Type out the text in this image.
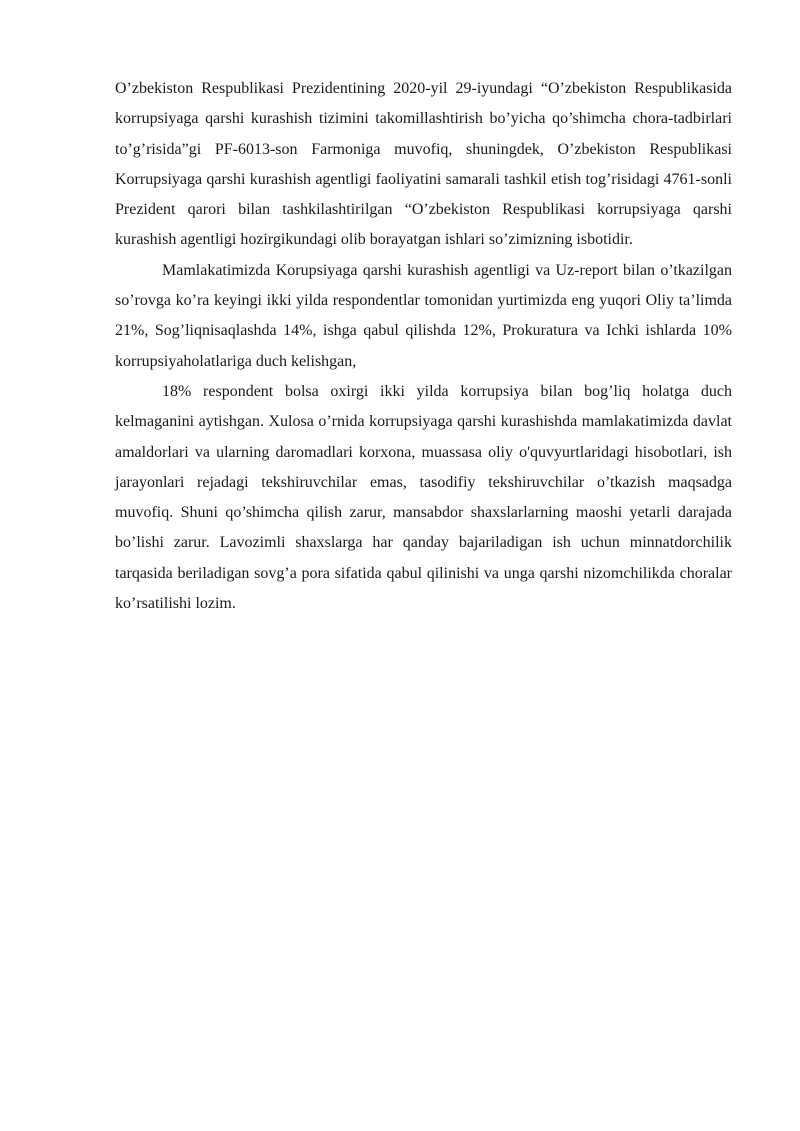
O’zbekiston Respublikasi Prezidentining 2020-yil 29-iyundagi “O’zbekiston Respublikasida korrupsiyaga qarshi kurashish tizimini takomillashtirish bo’yicha qo’shimcha chora-tadbirlari to’g’risida”gi PF-6013-son Farmoniga muvofiq, shuningdek, O’zbekiston Respublikasi Korrupsiyaga qarshi kurashish agentligi faoliyatini samarali tashkil etish tog’risidagi 4761-sonli Prezident qarori bilan tashkilashtirilgan “O’zbekiston Respublikasi korrupsiyaga qarshi kurashish agentligi hozirgikundagi olib borayatgan ishlari so’zimizning isbotidir.

Mamlakatimizda Korupsiyaga qarshi kurashish agentligi va Uz-report bilan o’tkazilgan so’rovga ko’ra keyingi ikki yilda respondentlar tomonidan yurtimizda eng yuqori Oliy ta’limda 21%, Sog’liqnisaqlashda 14%, ishga qabul qilishda 12%, Prokuratura va Ichki ishlarda 10% korrupsiyaholatlariga duch kelishgan,

18% respondent bolsa oxirgi ikki yilda korrupsiya bilan bog’liq holatga duch kelmaganini aytishgan. Xulosa o’rnida korrupsiyaga qarshi kurashishda mamlakatimizda davlat amaldorlari va ularning daromadlari korxona, muassasa oliy o'quvyurtlaridagi hisobotlari, ish jarayonlari rejadagi tekshiruvchilar emas, tasodifiy tekshiruvchilar o’tkazish maqsadga muvofiq. Shuni qo’shimcha qilish zarur, mansabdor shaxslarlarning maoshi yetarli darajada bo’lishi zarur. Lavozimli shaxslarga har qanday bajariladigan ish uchun minnatdorchilik tarqasida beriladigan sovg’a pora sifatida qabul qilinishi va unga qarshi nizomchilikda choralar ko’rsatilishi lozim.
